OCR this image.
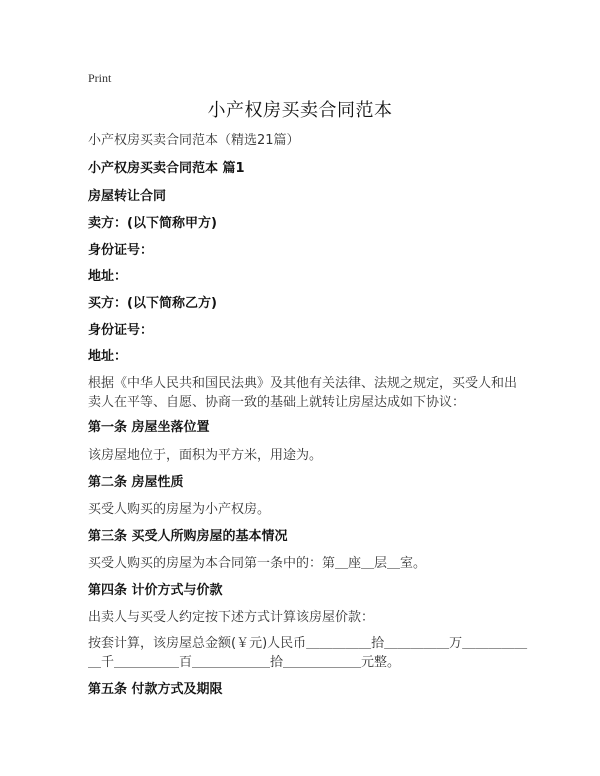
Print
小产权房买卖合同范本
小产权房买卖合同范本（精选21篇）
小产权房买卖合同范本 篇1
房屋转让合同
卖方：(以下简称甲方)
身份证号：
地址：
买方：(以下简称乙方)
身份证号：
地址：
根据《中华人民共和国民法典》及其他有关法律、法规之规定，买受人和出卖人在平等、自愿、协商一致的基础上就转让房屋达成如下协议：
第一条 房屋坐落位置
该房屋地位于，面积为平方米，用途为。
第二条 房屋性质
买受人购买的房屋为小产权房。
第三条 买受人所购房屋的基本情况
买受人购买的房屋为本合同第一条中的：第＿座＿层＿室。
第四条 计价方式与价款
出卖人与买受人约定按下述方式计算该房屋价款：
按套计算，该房屋总金额(￥元)人民币＿＿＿＿＿拾＿＿＿＿＿万＿＿＿＿＿＿千＿＿＿＿＿百＿＿＿＿＿＿拾＿＿＿＿＿＿元整。
第五条 付款方式及期限
